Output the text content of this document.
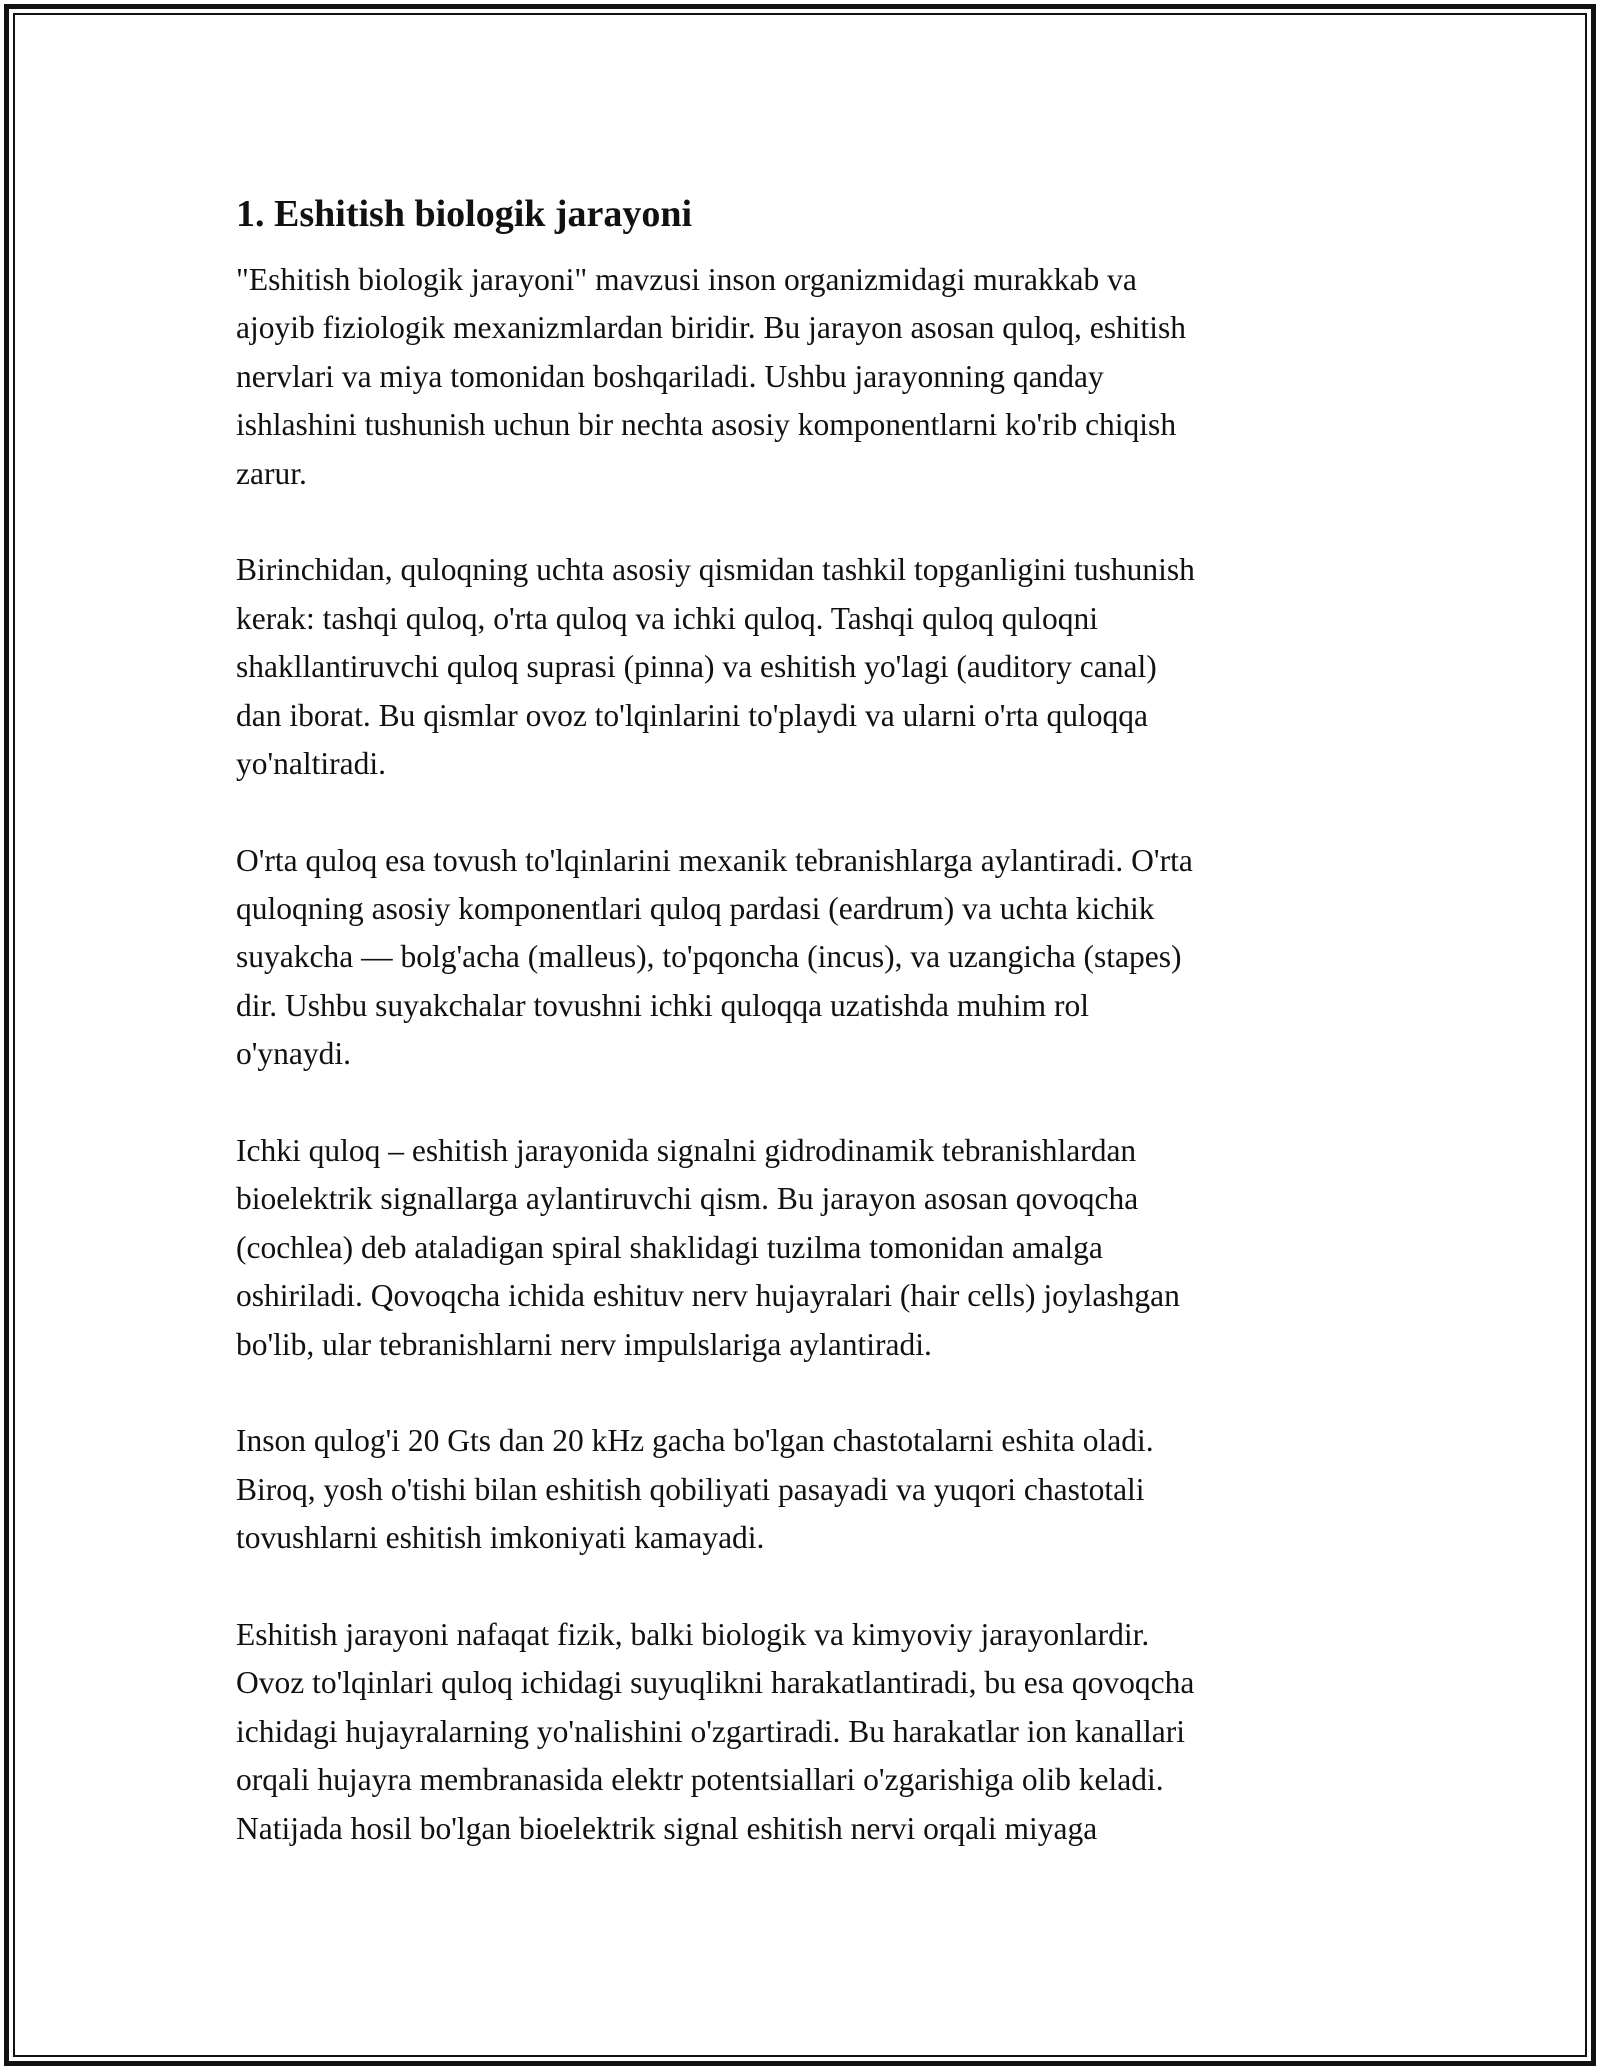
1. Eshitish biologik jarayoni
"Eshitish biologik jarayoni" mavzusi inson organizmidagi murakkab va
ajoyib fiziologik mexanizmlardan biridir. Bu jarayon asosan quloq, eshitish
nervlari va miya tomonidan boshqariladi. Ushbu jarayonning qanday
ishlashini tushunish uchun bir nechta asosiy komponentlarni ko'rib chiqish
zarur.
Birinchidan, quloqning uchta asosiy qismidan tashkil topganligini tushunish
kerak: tashqi quloq, o'rta quloq va ichki quloq. Tashqi quloq quloqni
shakllantiruvchi quloq suprasi (pinna) va eshitish yo'lagi (auditory canal)
dan iborat. Bu qismlar ovoz to'lqinlarini to'playdi va ularni o'rta quloqqa
yo'naltiradi.
O'rta quloq esa tovush to'lqinlarini mexanik tebranishlarga aylantiradi. O'rta
quloqning asosiy komponentlari quloq pardasi (eardrum) va uchta kichik
suyakcha — bolg'acha (malleus), to'pqoncha (incus), va uzangicha (stapes)
dir. Ushbu suyakchalar tovushni ichki quloqqa uzatishda muhim rol
o'ynaydi.
Ichki quloq – eshitish jarayonida signalni gidrodinamik tebranishlardan
bioelektrik signallarga aylantiruvchi qism. Bu jarayon asosan qovoqcha
(cochlea) deb ataladigan spiral shaklidagi tuzilma tomonidan amalga
oshiriladi. Qovoqcha ichida eshituv nerv hujayralari (hair cells) joylashgan
bo'lib, ular tebranishlarni nerv impulslariga aylantiradi.
Inson qulog'i 20 Gts dan 20 kHz gacha bo'lgan chastotalarni eshita oladi.
Biroq, yosh o'tishi bilan eshitish qobiliyati pasayadi va yuqori chastotali
tovushlarni eshitish imkoniyati kamayadi.
Eshitish jarayoni nafaqat fizik, balki biologik va kimyoviy jarayonlardir.
Ovoz to'lqinlari quloq ichidagi suyuqlikni harakatlantiradi, bu esa qovoqcha
ichidagi hujayralarning yo'nalishini o'zgartiradi. Bu harakatlar ion kanallari
orqali hujayra membranasida elektr potentsiallari o'zgarishiga olib keladi.
Natijada hosil bo'lgan bioelektrik signal eshitish nervi orqali miyaga
